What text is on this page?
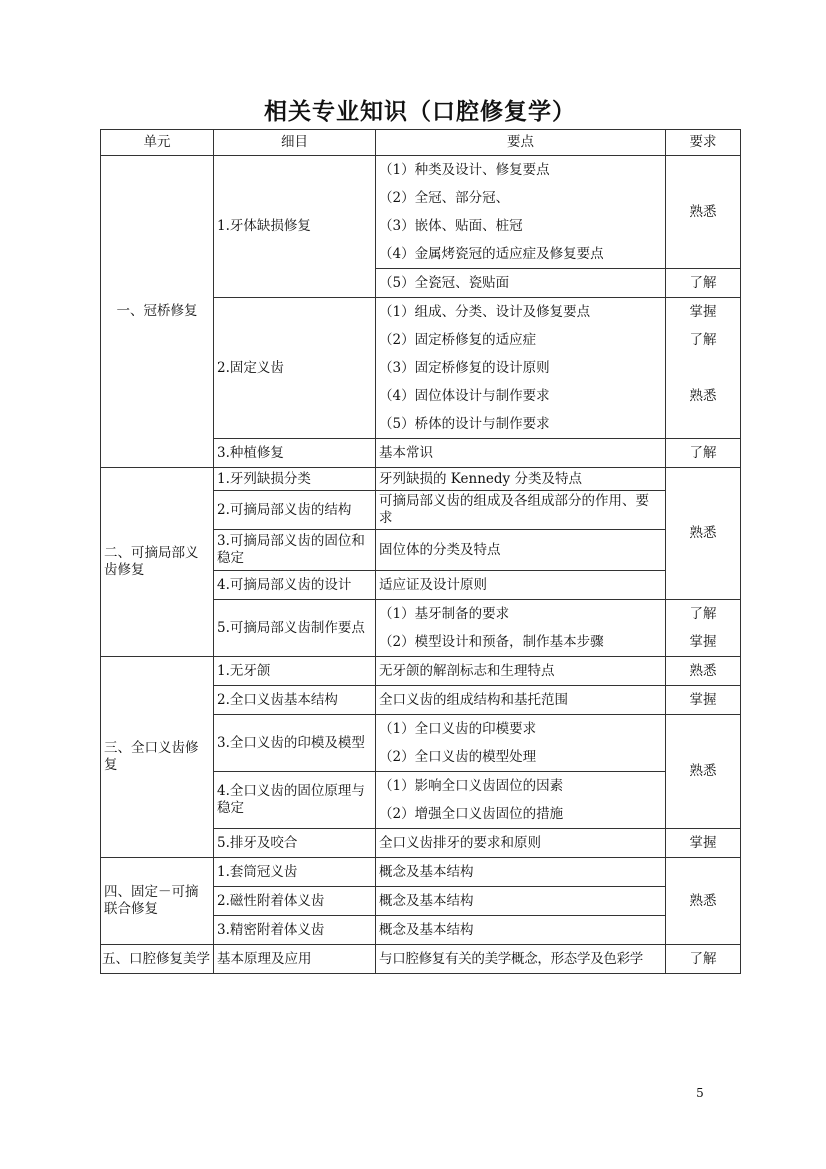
相关专业知识（口腔修复学）
单元	细目	要点	要求
一、冠桥修复	1.牙体缺损修复	（1）种类及设计、修复要点	熟悉
		（2）全冠、部分冠、	
		（3）嵌体、贴面、桩冠	
		（4）金属烤瓷冠的适应症及修复要点	
		（5）全瓷冠、瓷贴面	了解
	2.固定义齿	（1）组成、分类、设计及修复要点	掌握
		（2）固定桥修复的适应症	了解
		（3）固定桥修复的设计原则	熟悉
		（4）固位体设计与制作要求	
		（5）桥体的设计与制作要求	
	3.种植修复	基本常识	了解
二、可摘局部义齿修复	1.牙列缺损分类	牙列缺损的 Kennedy 分类及特点	熟悉
	2.可摘局部义齿的结构	可摘局部义齿的组成及各组成部分的作用、要求	
	3.可摘局部义齿的固位和稳定	固位体的分类及特点	
	4.可摘局部义齿的设计	适应证及设计原则	
	5.可摘局部义齿制作要点	（1）基牙制备的要求	了解
		（2）模型设计和预备，制作基本步骤	掌握
三、全口义齿修复	1.无牙颌	无牙颌的解剖标志和生理特点	熟悉
	2.全口义齿基本结构	全口义齿的组成结构和基托范围	掌握
	3.全口义齿的印模及模型	（1）全口义齿的印模要求	熟悉
		（2）全口义齿的模型处理	
	4.全口义齿的固位原理与稳定	（1）影响全口义齿固位的因素	
		（2）增强全口义齿固位的措施	
	5.排牙及咬合	全口义齿排牙的要求和原则	掌握
四、固定－可摘联合修复	1.套筒冠义齿	概念及基本结构	熟悉
	2.磁性附着体义齿	概念及基本结构	
	3.精密附着体义齿	概念及基本结构	
五、口腔修复美学	基本原理及应用	与口腔修复有关的美学概念，形态学及色彩学	了解
5
